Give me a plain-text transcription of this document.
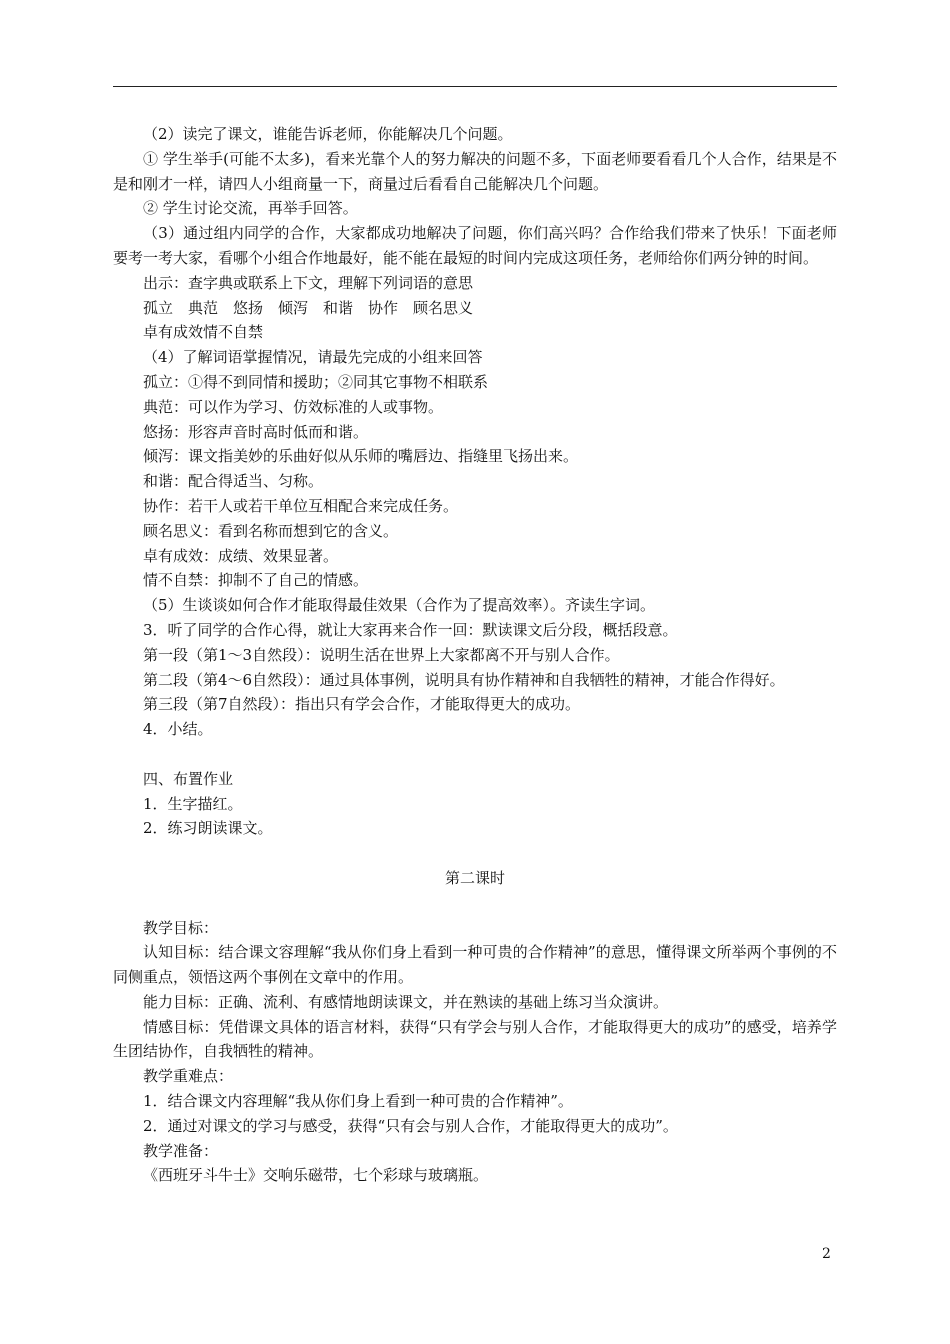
（2）读完了课文，谁能告诉老师，你能解决几个问题。

① 学生举手(可能不太多)，看来光靠个人的努力解决的问题不多，下面老师要看看几个人合作，结果是不是和刚才一样，请四人小组商量一下，商量过后看看自己能解决几个问题。

② 学生讨论交流，再举手回答。

（3）通过组内同学的合作，大家都成功地解决了问题，你们高兴吗？合作给我们带来了快乐！下面老师要考一考大家，看哪个小组合作地最好，能不能在最短的时间内完成这项任务，老师给你们两分钟的时间。

出示：查字典或联系上下文，理解下列词语的意思

孤立　典范　悠扬　倾泻　和谐　协作　顾名思义

卓有成效情不自禁

（4）了解词语掌握情况，请最先完成的小组来回答

孤立：①得不到同情和援助；②同其它事物不相联系

典范：可以作为学习、仿效标准的人或事物。

悠扬：形容声音时高时低而和谐。

倾泻：课文指美妙的乐曲好似从乐师的嘴唇边、指缝里飞扬出来。

和谐：配合得适当、匀称。

协作：若干人或若干单位互相配合来完成任务。

顾名思义：看到名称而想到它的含义。

卓有成效：成绩、效果显著。

情不自禁：抑制不了自己的情感。

（5）生谈谈如何合作才能取得最佳效果（合作为了提高效率）。齐读生字词。

3．听了同学的合作心得，就让大家再来合作一回：默读课文后分段，概括段意。

第一段（第1～3自然段）：说明生活在世界上大家都离不开与别人合作。

第二段（第4～6自然段）：通过具体事例，说明具有协作精神和自我牺牲的精神，才能合作得好。

第三段（第7自然段）：指出只有学会合作，才能取得更大的成功。

4．小结。

四、布置作业

1．生字描红。

2．练习朗读课文。

第二课时

教学目标：

认知目标：结合课文容理解“我从你们身上看到一种可贵的合作精神”的意思，懂得课文所举两个事例的不同侧重点，领悟这两个事例在文章中的作用。

能力目标：正确、流利、有感情地朗读课文，并在熟读的基础上练习当众演讲。

情感目标：凭借课文具体的语言材料，获得“只有学会与别人合作，才能取得更大的成功”的感受，培养学生团结协作，自我牺牲的精神。

教学重难点：

1．结合课文内容理解“我从你们身上看到一种可贵的合作精神”。

2．通过对课文的学习与感受，获得“只有会与别人合作，才能取得更大的成功”。

教学准备：

《西班牙斗牛士》交响乐磁带，七个彩球与玻璃瓶。

2
